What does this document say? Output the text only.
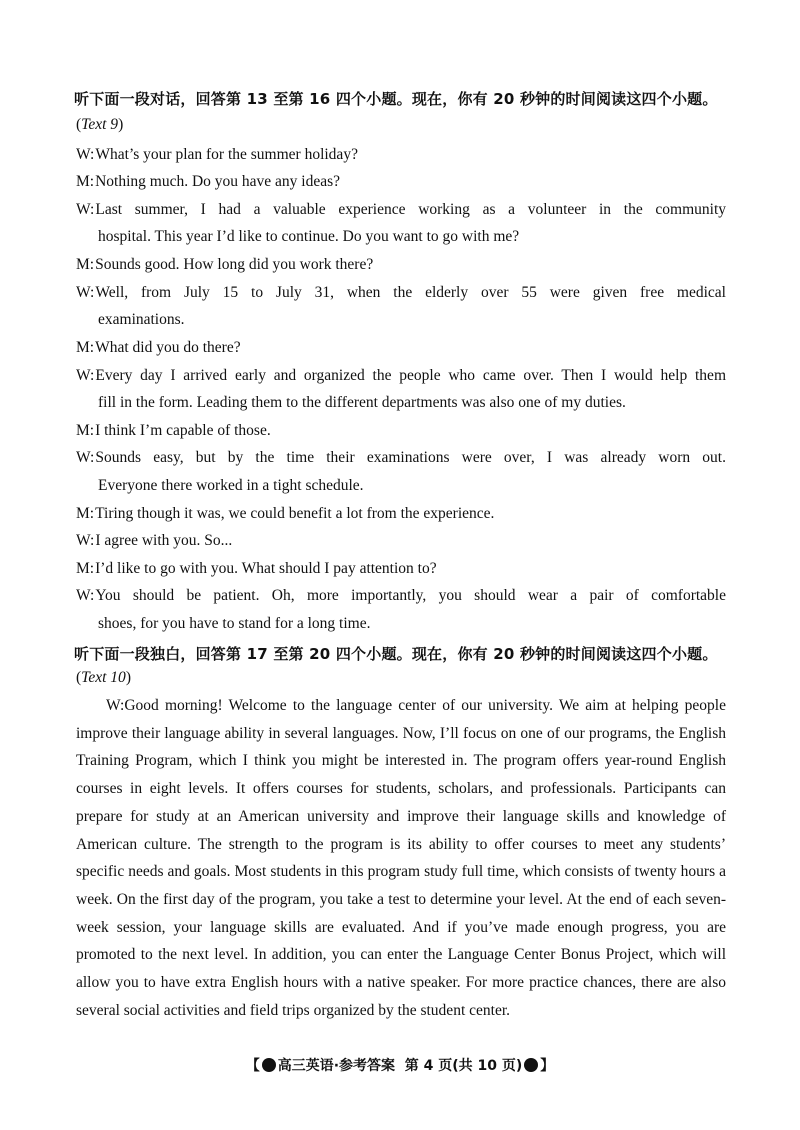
听下面一段对话，回答第 13 至第 16 四个小题。现在，你有 20 秒钟的时间阅读这四个小题。
(Text 9)
W:What’s your plan for the summer holiday?
M:Nothing much. Do you have any ideas?
W:Last summer, I had a valuable experience working as a volunteer in the community
hospital. This year I’d like to continue. Do you want to go with me?
M:Sounds good. How long did you work there?
W:Well, from July 15 to July 31, when the elderly over 55 were given free medical
examinations.
M:What did you do there?
W:Every day I arrived early and organized the people who came over. Then I would help them
fill in the form. Leading them to the different departments was also one of my duties.
M:I think I’m capable of those.
W:Sounds easy, but by the time their examinations were over, I was already worn out.
Everyone there worked in a tight schedule.
M:Tiring though it was, we could benefit a lot from the experience.
W:I agree with you. So...
M:I’d like to go with you. What should I pay attention to?
W:You should be patient. Oh, more importantly, you should wear a pair of comfortable
shoes, for you have to stand for a long time.
听下面一段独白，回答第 17 至第 20 四个小题。现在，你有 20 秒钟的时间阅读这四个小题。
(Text 10)
W:Good morning! Welcome to the language center of our university. We aim at helping people improve their language ability in several languages. Now, I’ll focus on one of our programs, the English Training Program, which I think you might be interested in. The program offers year-round English courses in eight levels. It offers courses for students, scholars, and professionals. Participants can prepare for study at an American university and improve their language skills and knowledge of American culture. The strength to the program is its ability to offer courses to meet any students’ specific needs and goals. Most students in this program study full time, which consists of twenty hours a week. On the first day of the program, you take a test to determine your level. At the end of each seven-week session, your language skills are evaluated. And if you’ve made enough progress, you are promoted to the next level. In addition, you can enter the Language Center Bonus Project, which will allow you to have extra English hours with a native speaker. For more practice chances, there are also several social activities and field trips organized by the student center.
【 高三英语·参考答案 第 4 页(共 10 页) 】
